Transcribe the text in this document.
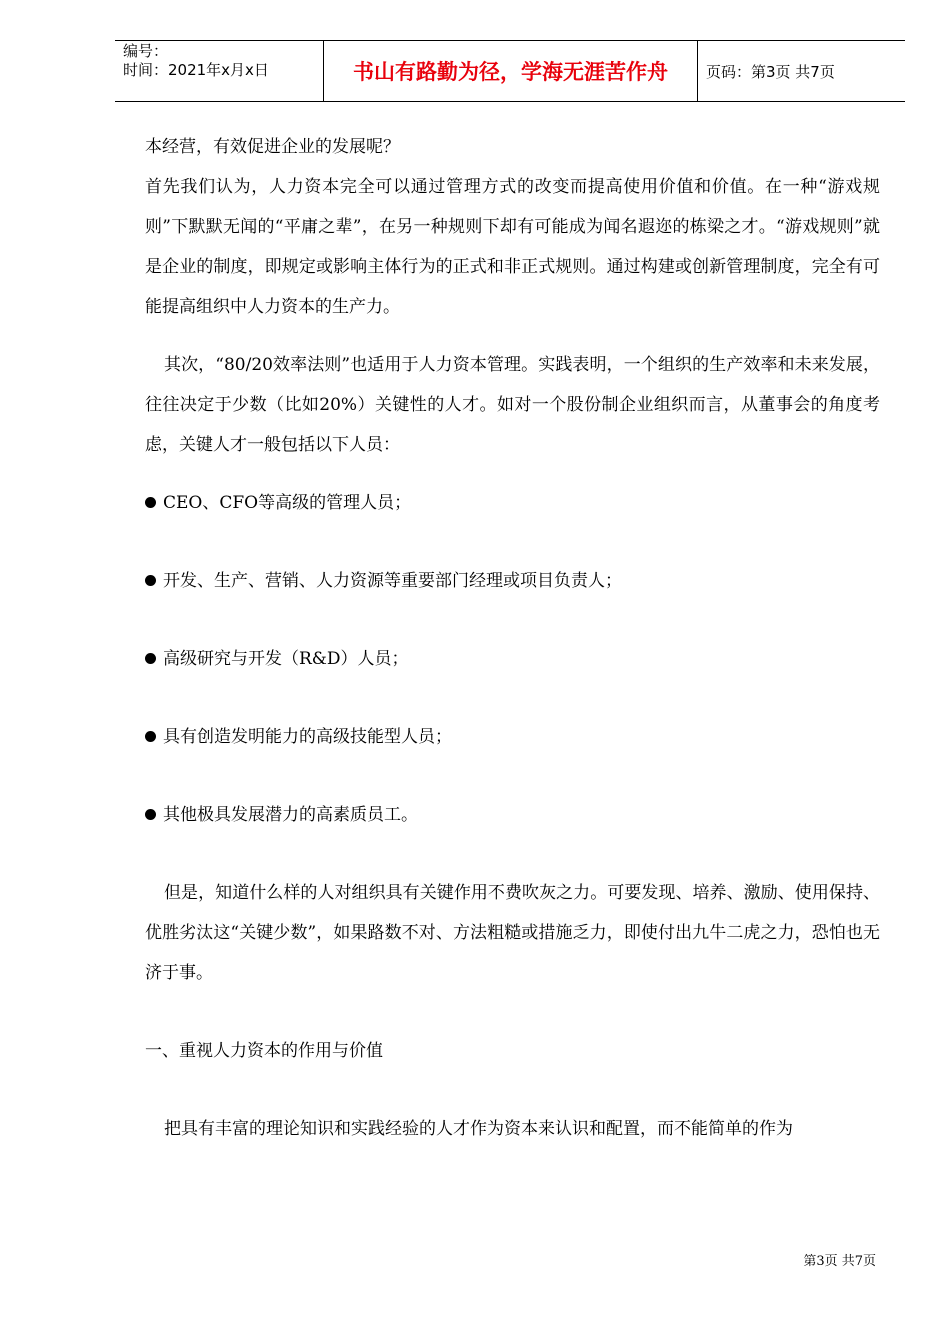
编号：
时间：2021年x月x日	书山有路勤为径，学海无涯苦作舟	页码：第3页 共7页

本经营，有效促进企业的发展呢？

首先我们认为，人力资本完全可以通过管理方式的改变而提高使用价值和价值。在一种“游戏规则”下默默无闻的“平庸之辈”，在另一种规则下却有可能成为闻名遐迩的栋梁之才。“游戏规则”就是企业的制度，即规定或影响主体行为的正式和非正式规则。通过构建或创新管理制度，完全有可能提高组织中人力资本的生产力。

其次，“80/20效率法则”也适用于人力资本管理。实践表明，一个组织的生产效率和未来发展，往往决定于少数（比如20%）关键性的人才。如对一个股份制企业组织而言，从董事会的角度考虑，关键人才一般包括以下人员：

CEO、CFO等高级的管理人员；
开发、生产、营销、人力资源等重要部门经理或项目负责人；
高级研究与开发（R&D）人员；
具有创造发明能力的高级技能型人员；
其他极具发展潜力的高素质员工。

但是，知道什么样的人对组织具有关键作用不费吹灰之力。可要发现、培养、激励、使用保持、优胜劣汰这“关键少数”，如果路数不对、方法粗糙或措施乏力，即使付出九牛二虎之力，恐怕也无济于事。

一、重视人力资本的作用与价值

把具有丰富的理论知识和实践经验的人才作为资本来认识和配置，而不能简单的作为

第3页 共7页
